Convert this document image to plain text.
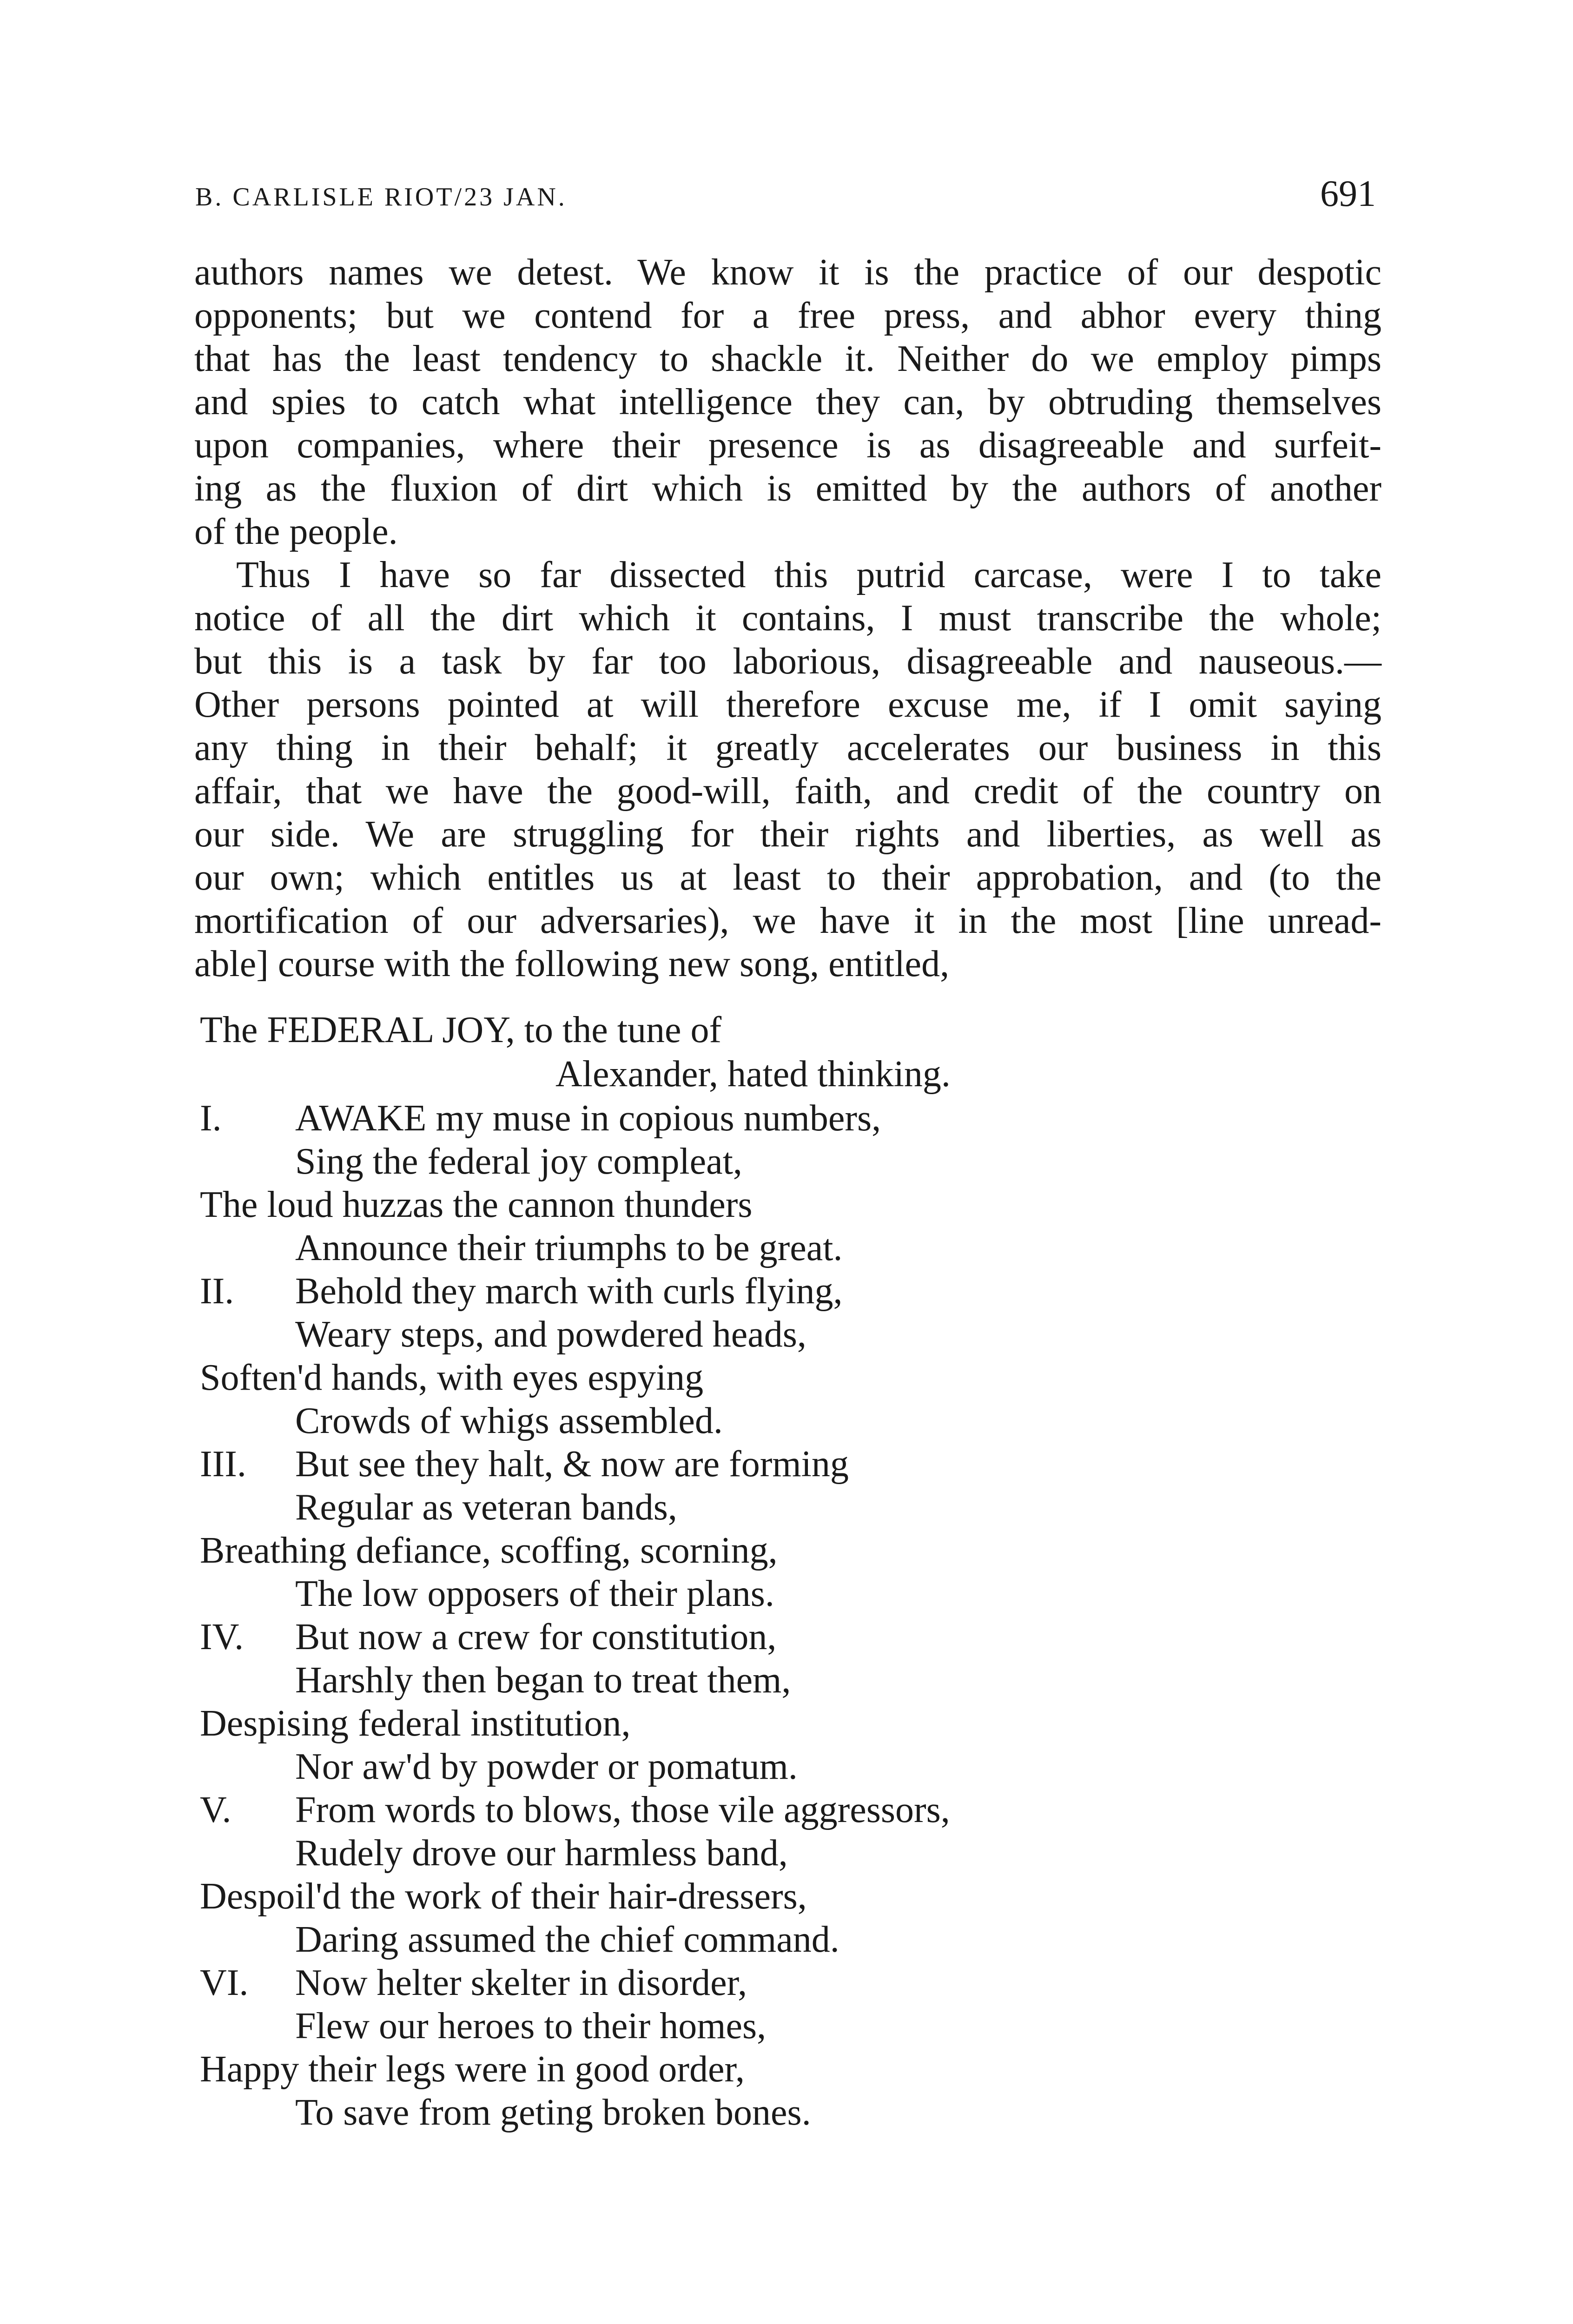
B. CARLISLE RIOT/23 JAN.	691
authors names we detest. We know it is the practice of our despotic
opponents; but we contend for a free press, and abhor every thing
that has the least tendency to shackle it. Neither do we employ pimps
and spies to catch what intelligence they can, by obtruding themselves
upon companies, where their presence is as disagreeable and surfeit-
ing as the fluxion of dirt which is emitted by the authors of another
of the people.
Thus I have so far dissected this putrid carcase, were I to take
notice of all the dirt which it contains, I must transcribe the whole;
but this is a task by far too laborious, disagreeable and nauseous.—
Other persons pointed at will therefore excuse me, if I omit saying
any thing in their behalf; it greatly accelerates our business in this
affair, that we have the good-will, faith, and credit of the country on
our side. We are struggling for their rights and liberties, as well as
our own; which entitles us at least to their approbation, and (to the
mortification of our adversaries), we have it in the most [line unread-
able] course with the following new song, entitled,
The FEDERAL JOY, to the tune of
Alexander, hated thinking.
I. AWAKE my muse in copious numbers,
Sing the federal joy compleat,
The loud huzzas the cannon thunders
Announce their triumphs to be great.
II. Behold they march with curls flying,
Weary steps, and powdered heads,
Soften'd hands, with eyes espying
Crowds of whigs assembled.
III. But see they halt, & now are forming
Regular as veteran bands,
Breathing defiance, scoffing, scorning,
The low opposers of their plans.
IV. But now a crew for constitution,
Harshly then began to treat them,
Despising federal institution,
Nor aw'd by powder or pomatum.
V. From words to blows, those vile aggressors,
Rudely drove our harmless band,
Despoil'd the work of their hair-dressers,
Daring assumed the chief command.
VI. Now helter skelter in disorder,
Flew our heroes to their homes,
Happy their legs were in good order,
To save from geting broken bones.
